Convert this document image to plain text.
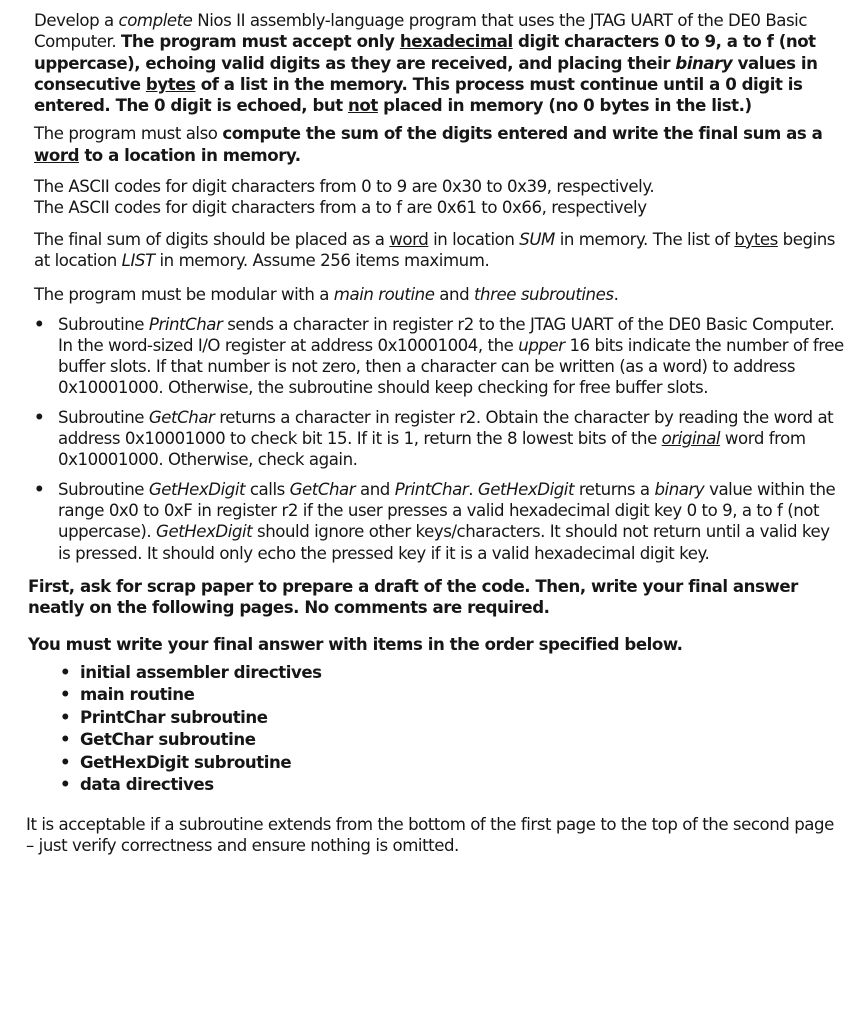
Develop a complete Nios II assembly-language program that uses the JTAG UART of the DE0 Basic Computer. The program must accept only hexadecimal digit characters 0 to 9, a to f (not uppercase), echoing valid digits as they are received, and placing their binary values in consecutive bytes of a list in the memory. This process must continue until a 0 digit is entered. The 0 digit is echoed, but not placed in memory (no 0 bytes in the list.)

The program must also compute the sum of the digits entered and write the final sum as a word to a location in memory.

The ASCII codes for digit characters from 0 to 9 are 0x30 to 0x39, respectively.
The ASCII codes for digit characters from a to f are 0x61 to 0x66, respectively

The final sum of digits should be placed as a word in location SUM in memory. The list of bytes begins at location LIST in memory. Assume 256 items maximum.

The program must be modular with a main routine and three subroutines.

• Subroutine PrintChar sends a character in register r2 to the JTAG UART of the DE0 Basic Computer. In the word-sized I/O register at address 0x10001004, the upper 16 bits indicate the number of free buffer slots. If that number is not zero, then a character can be written (as a word) to address 0x10001000. Otherwise, the subroutine should keep checking for free buffer slots.
• Subroutine GetChar returns a character in register r2. Obtain the character by reading the word at address 0x10001000 to check bit 15. If it is 1, return the 8 lowest bits of the original word from 0x10001000. Otherwise, check again.
• Subroutine GetHexDigit calls GetChar and PrintChar. GetHexDigit returns a binary value within the range 0x0 to 0xF in register r2 if the user presses a valid hexadecimal digit key 0 to 9, a to f (not uppercase). GetHexDigit should ignore other keys/characters. It should not return until a valid key is pressed. It should only echo the pressed key if it is a valid hexadecimal digit key.

First, ask for scrap paper to prepare a draft of the code. Then, write your final answer neatly on the following pages. No comments are required.

You must write your final answer with items in the order specified below.

• initial assembler directives
• main routine
• PrintChar subroutine
• GetChar subroutine
• GetHexDigit subroutine
• data directives

It is acceptable if a subroutine extends from the bottom of the first page to the top of the second page – just verify correctness and ensure nothing is omitted.
